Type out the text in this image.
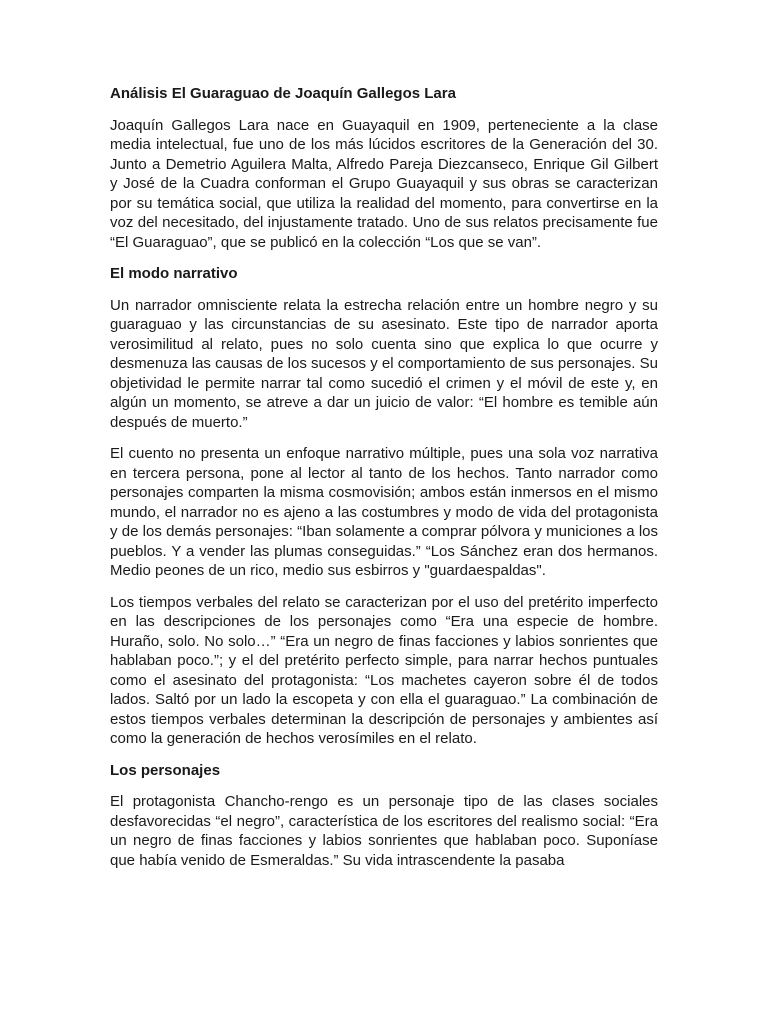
Análisis El Guaraguao de Joaquín Gallegos Lara

Joaquín Gallegos Lara nace en Guayaquil en 1909, perteneciente a la clase media intelectual, fue uno de los más lúcidos escritores de la Generación del 30. Junto a Demetrio Aguilera Malta, Alfredo Pareja Diezcanseco, Enrique Gil Gilbert y José de la Cuadra conforman el Grupo Guayaquil y sus obras se caracterizan por su temática social, que utiliza la realidad del momento, para convertirse en la voz del necesitado, del injustamente tratado. Uno de sus relatos precisamente fue “El Guaraguao”, que se publicó en la colección “Los que se van”.

El modo narrativo

Un narrador omnisciente relata la estrecha relación entre un hombre negro y su guaraguao y las circunstancias de su asesinato. Este tipo de narrador aporta verosimilitud al relato, pues no solo cuenta sino que explica lo que ocurre y desmenuza las causas de los sucesos y el comportamiento de sus personajes. Su objetividad le permite narrar tal como sucedió el crimen y el móvil de este y, en algún un momento, se atreve a dar un juicio de valor: “El hombre es temible aún después de muerto.”

El cuento no presenta un enfoque narrativo múltiple, pues una sola voz narrativa en tercera persona, pone al lector al tanto de los hechos. Tanto narrador como personajes comparten la misma cosmovisión; ambos están inmersos en el mismo mundo, el narrador no es ajeno a las costumbres y modo de vida del protagonista y de los demás personajes: “Iban solamente a comprar pólvora y municiones a los pueblos. Y a vender las plumas conseguidas.” “Los Sánchez eran dos hermanos. Medio peones de un rico, medio sus esbirros y "guardaespaldas".

Los tiempos verbales del relato se caracterizan por el uso del pretérito imperfecto en las descripciones de los personajes como “Era una especie de hombre. Huraño, solo. No solo…” “Era un negro de finas facciones y labios sonrientes que hablaban poco.”; y el del pretérito perfecto simple, para narrar hechos puntuales como el asesinato del protagonista: “Los machetes cayeron sobre él de todos lados. Saltó por un lado la escopeta y con ella el guaraguao.” La combinación de estos tiempos verbales determinan la descripción de personajes y ambientes así como la generación de hechos verosímiles en el relato.

Los personajes

El protagonista Chancho-rengo es un personaje tipo de las clases sociales desfavorecidas “el negro”, característica de los escritores del realismo social: “Era un negro de finas facciones y labios sonrientes que hablaban poco. Suponíase que había venido de Esmeraldas.” Su vida intrascendente la pasaba
